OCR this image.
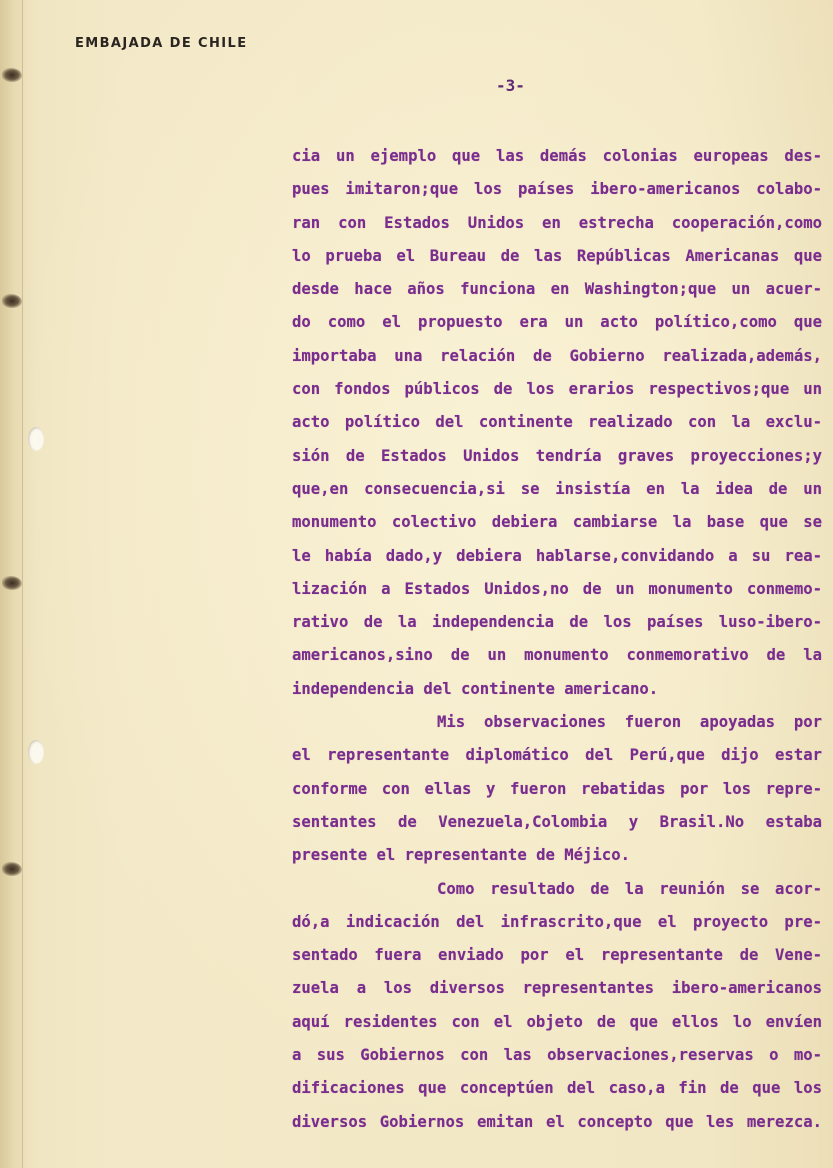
EMBAJADA DE CHILE
-3-
cia un ejemplo que las demás colonias europeas des-
pues imitaron;que los países ibero-americanos colabo-
ran con Estados Unidos en estrecha cooperación,como
lo prueba el Bureau de las Repúblicas Americanas que
desde hace años funciona en Washington;que un acuer-
do como el propuesto era un acto político,como que
importaba una relación de Gobierno realizada,además,
con fondos públicos de los erarios respectivos;que un
acto político del continente realizado con la exclu-
sión de Estados Unidos tendría graves proyecciones;y
que,en consecuencia,si se insistía en la idea de un
monumento colectivo debiera cambiarse la base que se
le había dado,y debiera hablarse,convidando a su rea-
lización a Estados Unidos,no de un monumento conmemo-
rativo de la independencia de los países luso-ibero-
americanos,sino de un monumento conmemorativo de la
independencia del continente americano.
Mis observaciones fueron apoyadas por
el representante diplomático del Perú,que dijo estar
conforme con ellas y fueron rebatidas por los repre-
sentantes de Venezuela,Colombia y Brasil.No estaba
presente el representante de Méjico.
Como resultado de la reunión se acor-
dó,a indicación del infrascrito,que el proyecto pre-
sentado fuera enviado por el representante de Vene-
zuela a los diversos representantes ibero-americanos
aquí residentes con el objeto de que ellos lo envíen
a sus Gobiernos con las observaciones,reservas o mo-
dificaciones que conceptúen del caso,a fin de que los
diversos Gobiernos emitan el concepto que les merezca.
